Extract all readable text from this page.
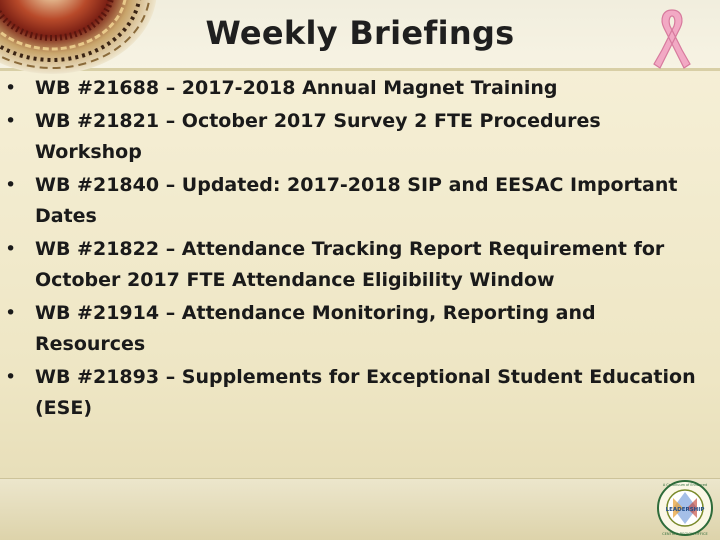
Weekly Briefings
• WB #21688 – 2017-2018 Annual Magnet Training
• WB #21821 – October 2017 Survey 2 FTE Procedures Workshop
• WB #21840 – Updated: 2017-2018 SIP and EESAC Important Dates
• WB #21822 – Attendance Tracking Report Requirement for October 2017 FTE Attendance Eligibility Window
• WB #21914 – Attendance Monitoring, Reporting and Resources
• WB #21893 – Supplements for Exceptional Student Education (ESE)
LEADERSHIP
A Continuum of Enhanced
CENTRAL REGION OFFICE
